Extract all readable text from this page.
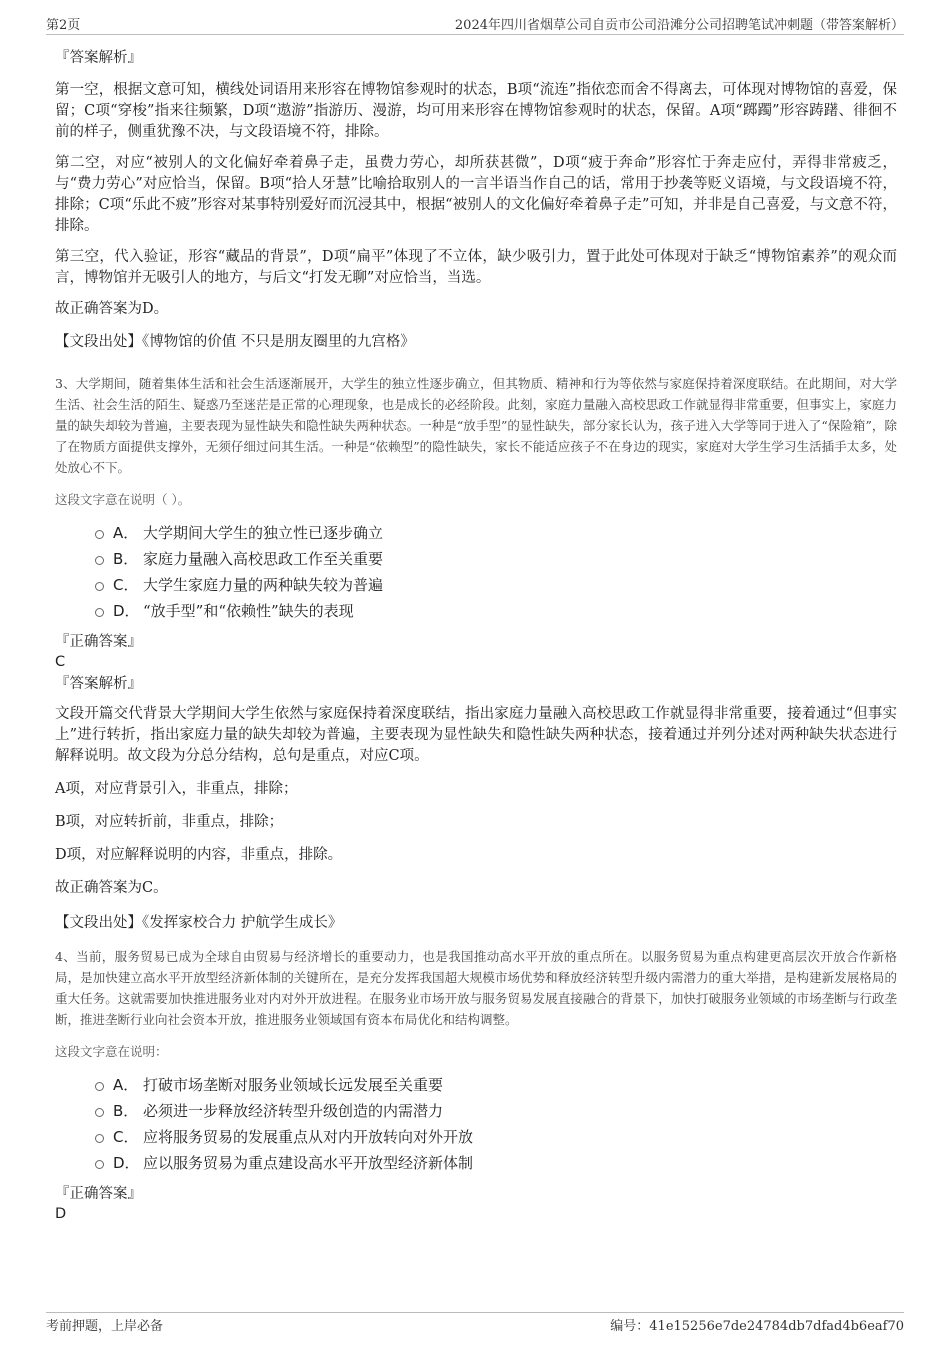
第2页	2024年四川省烟草公司自贡市公司沿滩分公司招聘笔试冲刺题（带答案解析）

『答案解析』

第一空，根据文意可知，横线处词语用来形容在博物馆参观时的状态，B项“流连”指依恋而舍不得离去，可体现对博物馆的喜爱，保留；C项“穿梭”指来往频繁，D项“遨游”指游历、漫游，均可用来形容在博物馆参观时的状态，保留。A项“踯躅”形容踌躇、徘徊不前的样子，侧重犹豫不决，与文段语境不符，排除。

第二空，对应“被别人的文化偏好牵着鼻子走，虽费力劳心，却所获甚微”，D项“疲于奔命”形容忙于奔走应付，弄得非常疲乏，与“费力劳心”对应恰当，保留。B项“拾人牙慧”比喻拾取别人的一言半语当作自己的话，常用于抄袭等贬义语境，与文段语境不符，排除；C项“乐此不疲”形容对某事特别爱好而沉浸其中，根据“被别人的文化偏好牵着鼻子走”可知，并非是自己喜爱，与文意不符，排除。

第三空，代入验证，形容“藏品的背景”，D项“扁平”体现了不立体，缺少吸引力，置于此处可体现对于缺乏“博物馆素养”的观众而言，博物馆并无吸引人的地方，与后文“打发无聊”对应恰当，当选。

故正确答案为D。

【文段出处】《博物馆的价值 不只是朋友圈里的九宫格》

3、大学期间，随着集体生活和社会生活逐渐展开，大学生的独立性逐步确立，但其物质、精神和行为等依然与家庭保持着深度联结。在此期间，对大学生活、社会生活的陌生、疑惑乃至迷茫是正常的心理现象，也是成长的必经阶段。此刻，家庭力量融入高校思政工作就显得非常重要，但事实上，家庭力量的缺失却较为普遍，主要表现为显性缺失和隐性缺失两种状态。一种是“放手型”的显性缺失，部分家长认为，孩子进入大学等同于进入了“保险箱”，除了在物质方面提供支撑外，无须仔细过问其生活。一种是“依赖型”的隐性缺失，家长不能适应孩子不在身边的现实，家庭对大学生学习生活插手太多，处处放心不下。

这段文字意在说明（ ）。

A． 大学期间大学生的独立性已逐步确立
B． 家庭力量融入高校思政工作至关重要
C． 大学生家庭力量的两种缺失较为普遍
D． “放手型”和“依赖性”缺失的表现

『正确答案』

C

『答案解析』

文段开篇交代背景大学期间大学生依然与家庭保持着深度联结，指出家庭力量融入高校思政工作就显得非常重要，接着通过“但事实上”进行转折，指出家庭力量的缺失却较为普遍，主要表现为显性缺失和隐性缺失两种状态，接着通过并列分述对两种缺失状态进行解释说明。故文段为分总分结构，总句是重点，对应C项。

A项，对应背景引入，非重点，排除；

B项，对应转折前，非重点，排除；

D项，对应解释说明的内容，非重点，排除。

故正确答案为C。

【文段出处】《发挥家校合力 护航学生成长》

4、当前，服务贸易已成为全球自由贸易与经济增长的重要动力，也是我国推动高水平开放的重点所在。以服务贸易为重点构建更高层次开放合作新格局，是加快建立高水平开放型经济新体制的关键所在，是充分发挥我国超大规模市场优势和释放经济转型升级内需潜力的重大举措，是构建新发展格局的重大任务。这就需要加快推进服务业对内对外开放进程。在服务业市场开放与服务贸易发展直接融合的背景下，加快打破服务业领域的市场垄断与行政垄断，推进垄断行业向社会资本开放，推进服务业领域国有资本布局优化和结构调整。

这段文字意在说明：

A． 打破市场垄断对服务业领域长远发展至关重要
B． 必须进一步释放经济转型升级创造的内需潜力
C． 应将服务贸易的发展重点从对内开放转向对外开放
D． 应以服务贸易为重点建设高水平开放型经济新体制

『正确答案』

D

考前押题，上岸必备	编号：41e15256e7de24784db7dfad4b6eaf70
